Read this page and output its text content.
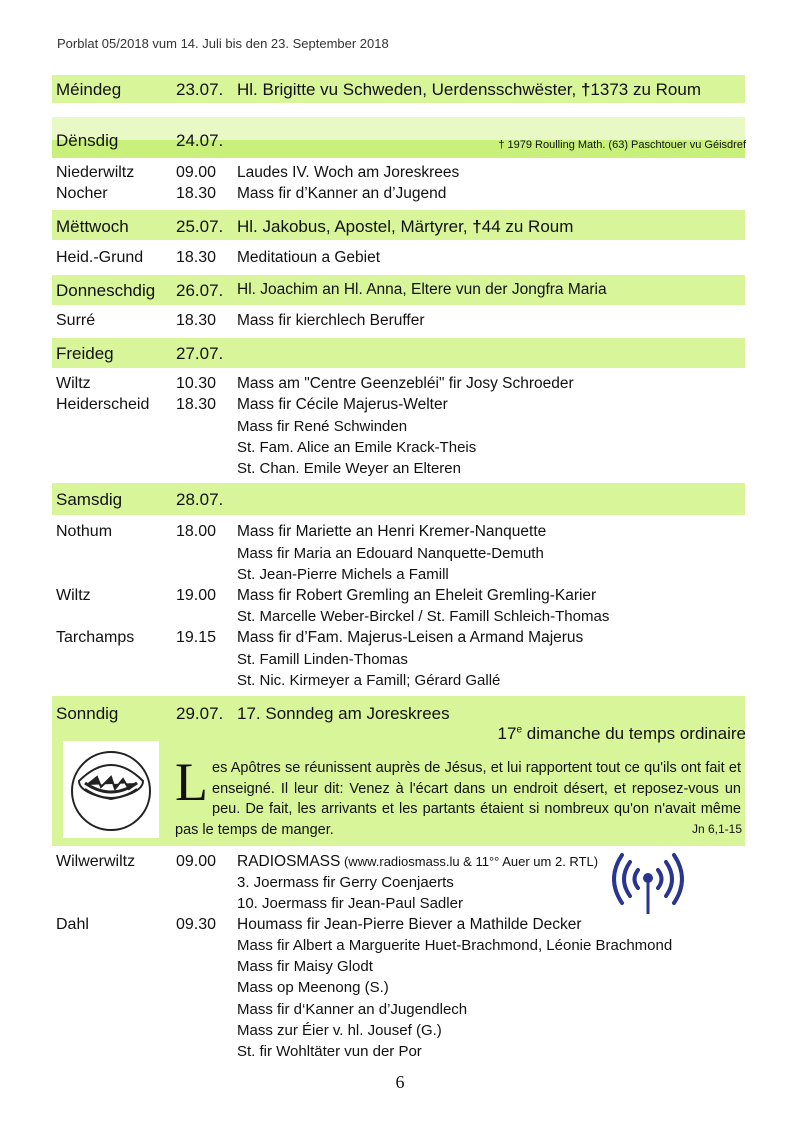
Porblat 05/2018 vum 14. Juli bis den 23. September 2018
Méindeg	23.07. Hl. Brigitte vu Schweden, Uerdensschwëster, †1373 zu Roum
Dënsdig	24.07.	† 1979 Roulling Math. (63) Paschtouer vu Géisdref
Niederwiltz	09.00 Laudes IV. Woch am Joreskrees
Nocher	18.30 Mass fir d’Kanner an d’Jugend
Mëttwoch	25.07. Hl. Jakobus, Apostel, Märtyrer, †44 zu Roum
Heid.-Grund 18.30 Meditatioun a Gebiet
Donneschdig 26.07. Hl. Joachim an Hl. Anna, Eltere vun der Jongfra Maria
Surré	18.30 Mass fir kierchlech Beruffer
Freideg	27.07.
Wiltz	10.30 Mass am "Centre Geenzebléi" fir Josy Schroeder
Heiderscheid 18.30 Mass fir Cécile Majerus-Welter
Mass fir René Schwinden
St. Fam. Alice an Emile Krack-Theis
St. Chan. Emile Weyer an Elteren
Samsdig	28.07.
Nothum	18.00 Mass fir Mariette an Henri Kremer-Nanquette
Mass fir Maria an Edouard Nanquette-Demuth
St. Jean-Pierre Michels a Famill
Wiltz	19.00 Mass fir Robert Gremling an Eheleit Gremling-Karier
St. Marcelle Weber-Birckel / St. Famill Schleich-Thomas
Tarchamps	19.15 Mass fir d’Fam. Majerus-Leisen a Armand Majerus
St. Famill Linden-Thomas
St. Nic. Kirmeyer a Famill; Gérard Gallé
Sonndig	29.07. 17. Sonndeg am Joreskrees
17e dimanche du temps ordinaire
Les Apôtres se réunissent auprès de Jésus, et lui rapportent tout ce qu'ils ont fait et enseigné. Il leur dit: Venez à l'écart dans un endroit désert, et reposez-vous un peu. De fait, les arrivants et les partants étaient si nombreux qu'on n'avait même pas le temps de manger.	Jn 6,1-15
Wilwerwiltz	09.00 RADIOSMASS (www.radiosmass.lu & 11°° Auer um 2. RTL)
3. Joermass fir Gerry Coenjaerts
10. Joermass fir Jean-Paul Sadler
Dahl	09.30 Houmass fir Jean-Pierre Biever a Mathilde Decker
Mass fir Albert a Marguerite Huet-Brachmond, Léonie Brachmond
Mass fir Maisy Glodt
Mass op Meenong (S.)
Mass fir d‘Kanner an d’Jugendlech
Mass zur Éier v. hl. Jousef (G.)
St. fir Wohltäter vun der Por
6
